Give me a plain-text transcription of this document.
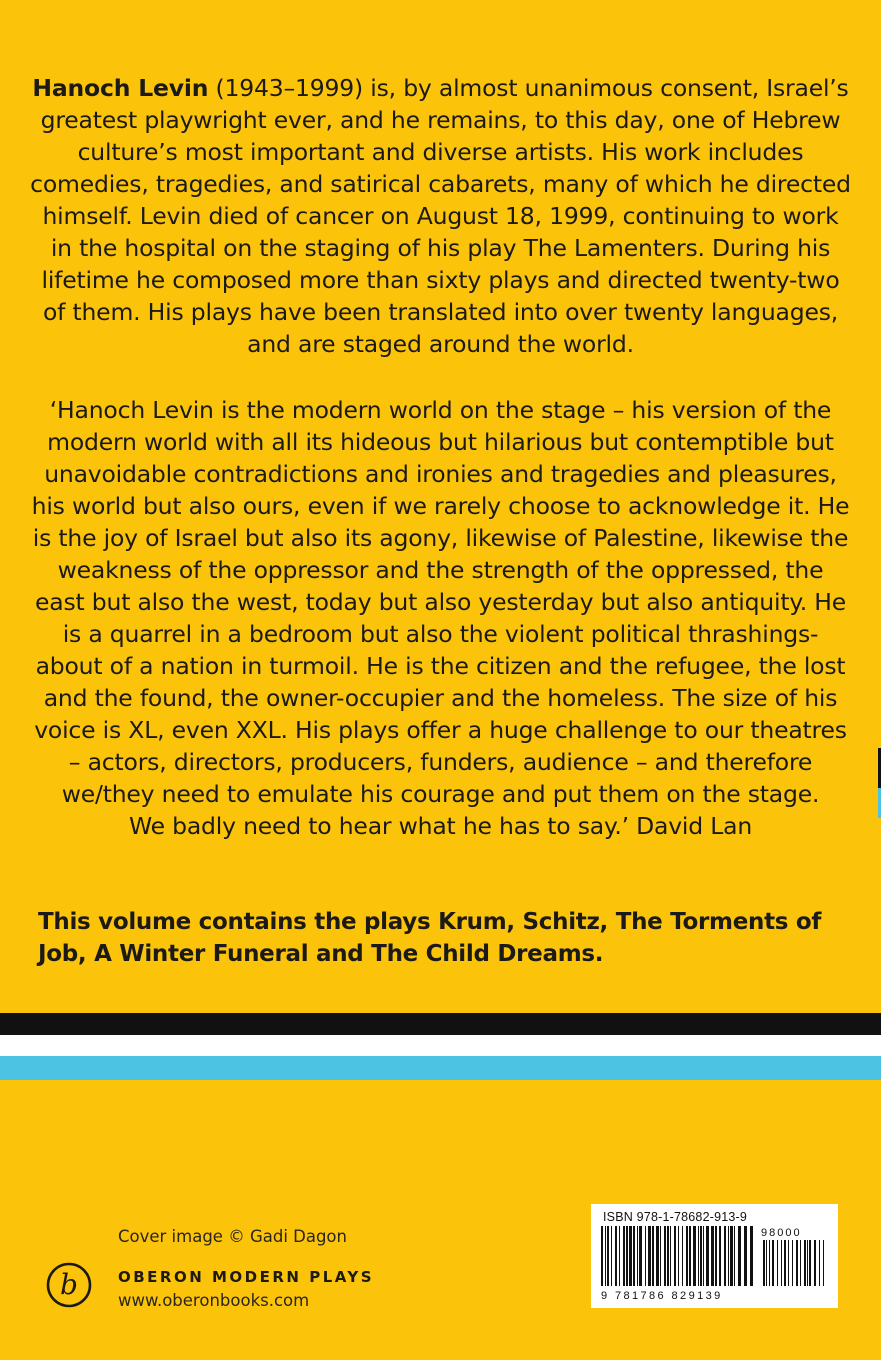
Hanoch Levin (1943–1999) is, by almost unanimous consent, Israel’s greatest playwright ever, and he remains, to this day, one of Hebrew culture’s most important and diverse artists. His work includes comedies, tragedies, and satirical cabarets, many of which he directed himself. Levin died of cancer on August 18, 1999, continuing to work in the hospital on the staging of his play The Lamenters. During his lifetime he composed more than sixty plays and directed twenty-two of them. His plays have been translated into over twenty languages, and are staged around the world.
‘Hanoch Levin is the modern world on the stage – his version of the modern world with all its hideous but hilarious but contemptible but unavoidable contradictions and ironies and tragedies and pleasures, his world but also ours, even if we rarely choose to acknowledge it. He is the joy of Israel but also its agony, likewise of Palestine, likewise the weakness of the oppressor and the strength of the oppressed, the east but also the west, today but also yesterday but also antiquity. He is a quarrel in a bedroom but also the violent political thrashings-about of a nation in turmoil. He is the citizen and the refugee, the lost and the found, the owner-occupier and the homeless. The size of his voice is XL, even XXL. His plays offer a huge challenge to our theatres – actors, directors, producers, funders, audience – and therefore we/they need to emulate his courage and put them on the stage.
We badly need to hear what he has to say.’ David Lan
This volume contains the plays Krum, Schitz, The Torments of Job, A Winter Funeral and The Child Dreams.
Cover image © Gadi Dagon
b	OBERON MODERN PLAYS
www.oberonbooks.com
ISBN 978-1-78682-913-9
98000
9 781786 829139
